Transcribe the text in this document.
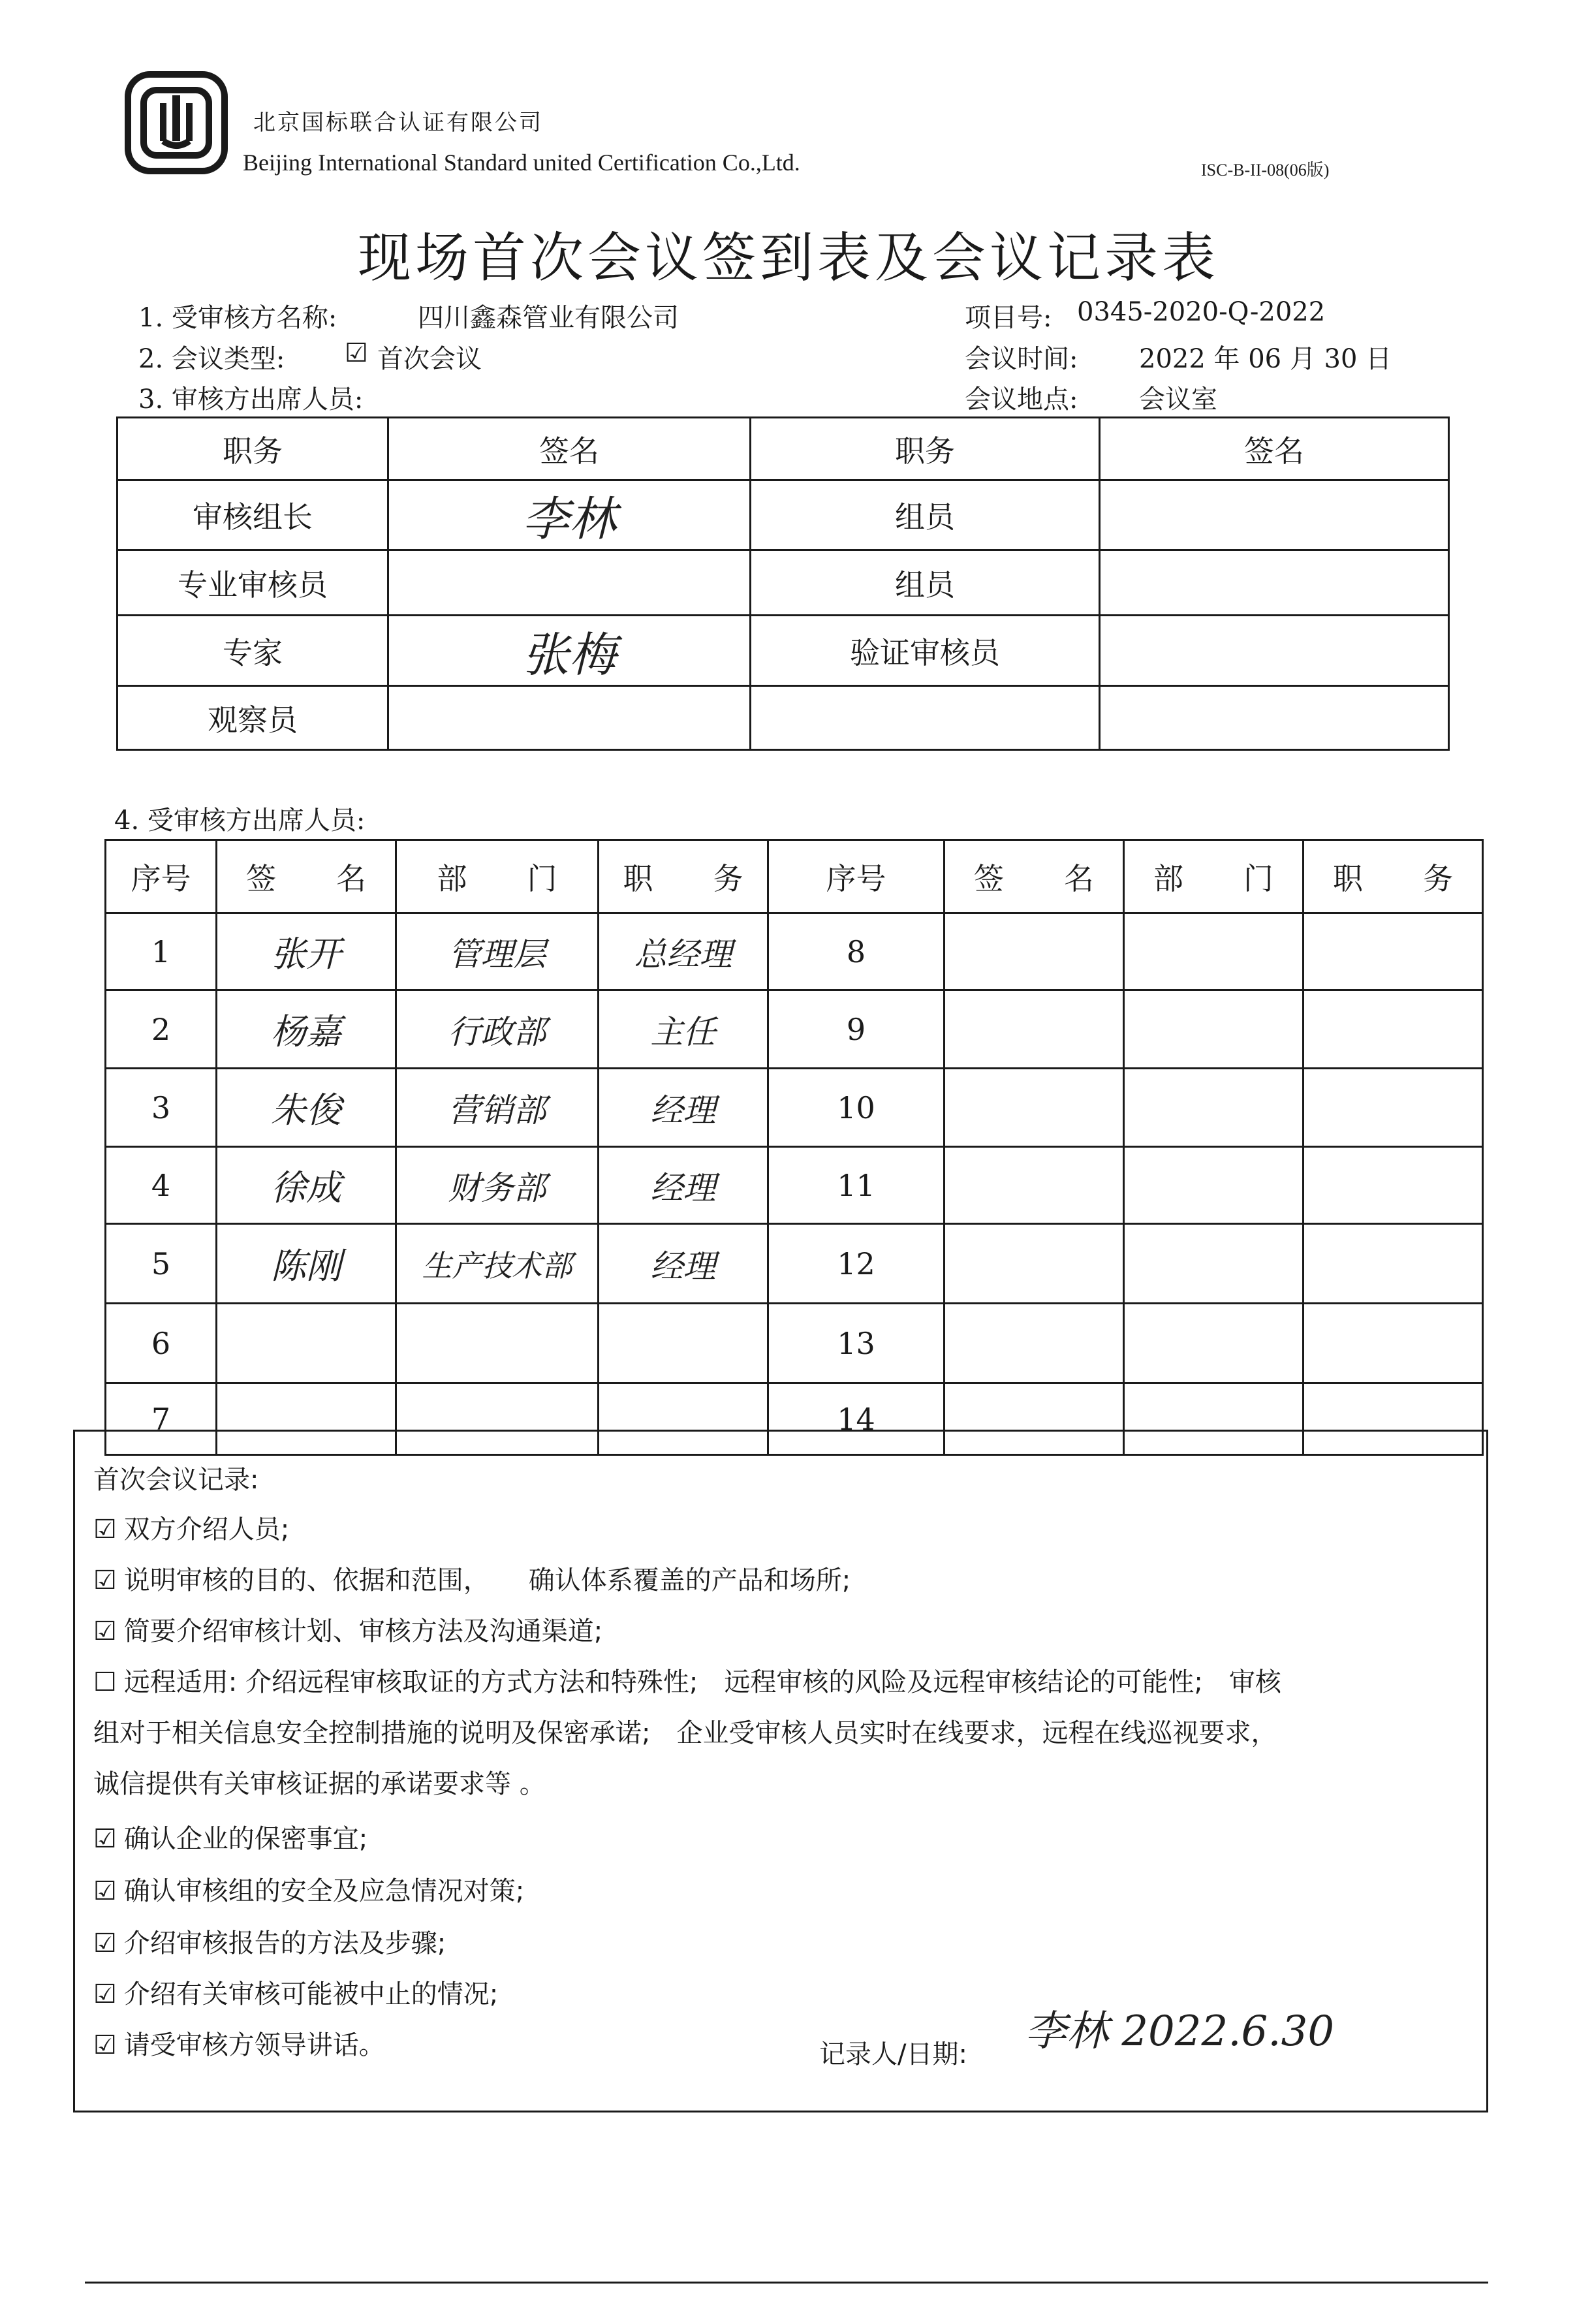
北京国标联合认证有限公司
Beijing International Standard united Certification Co.,Ltd.	ISC-B-II-08(06版)
现场首次会议签到表及会议记录表
1. 受审核方名称:	四川鑫森管业有限公司	项目号: 0345-2020-Q-2022
2. 会议类型: ☑ 首次会议	会议时间: 2022 年 06 月 30 日
3. 审核方出席人员:	会议地点: 会议室
职务	签名	职务	签名
审核组长	李林	组员	
专业审核员		组员	
专家	张梅	验证审核员	
观察员			
4. 受审核方出席人员:
序号	签　　名	部　　门	职　　务	序号	签　　名	部　　门	职　　务
1	张开	管理层	总经理	8			
2	杨嘉	行政部	主任	9			
3	朱俊	营销部	经理	10			
4	徐成	财务部	经理	11			
5	陈刚	生产技术部	经理	12			
6				13			
7				14			
首次会议记录:
☑ 双方介绍人员;
☑ 说明审核的目的、依据和范围，　　确认体系覆盖的产品和场所;
☑ 简要介绍审核计划、审核方法及沟通渠道;
☐ 远程适用: 介绍远程审核取证的方式方法和特殊性;　远程审核的风险及远程审核结论的可能性;　审核
组对于相关信息安全控制措施的说明及保密承诺;　企业受审核人员实时在线要求，远程在线巡视要求，
诚信提供有关审核证据的承诺要求等 。
☑ 确认企业的保密事宜;
☑ 确认审核组的安全及应急情况对策;
☑ 介绍审核报告的方法及步骤;
☑ 介绍有关审核可能被中止的情况;
☑ 请受审核方领导讲话。	记录人/日期: 李林 2022.6.30
